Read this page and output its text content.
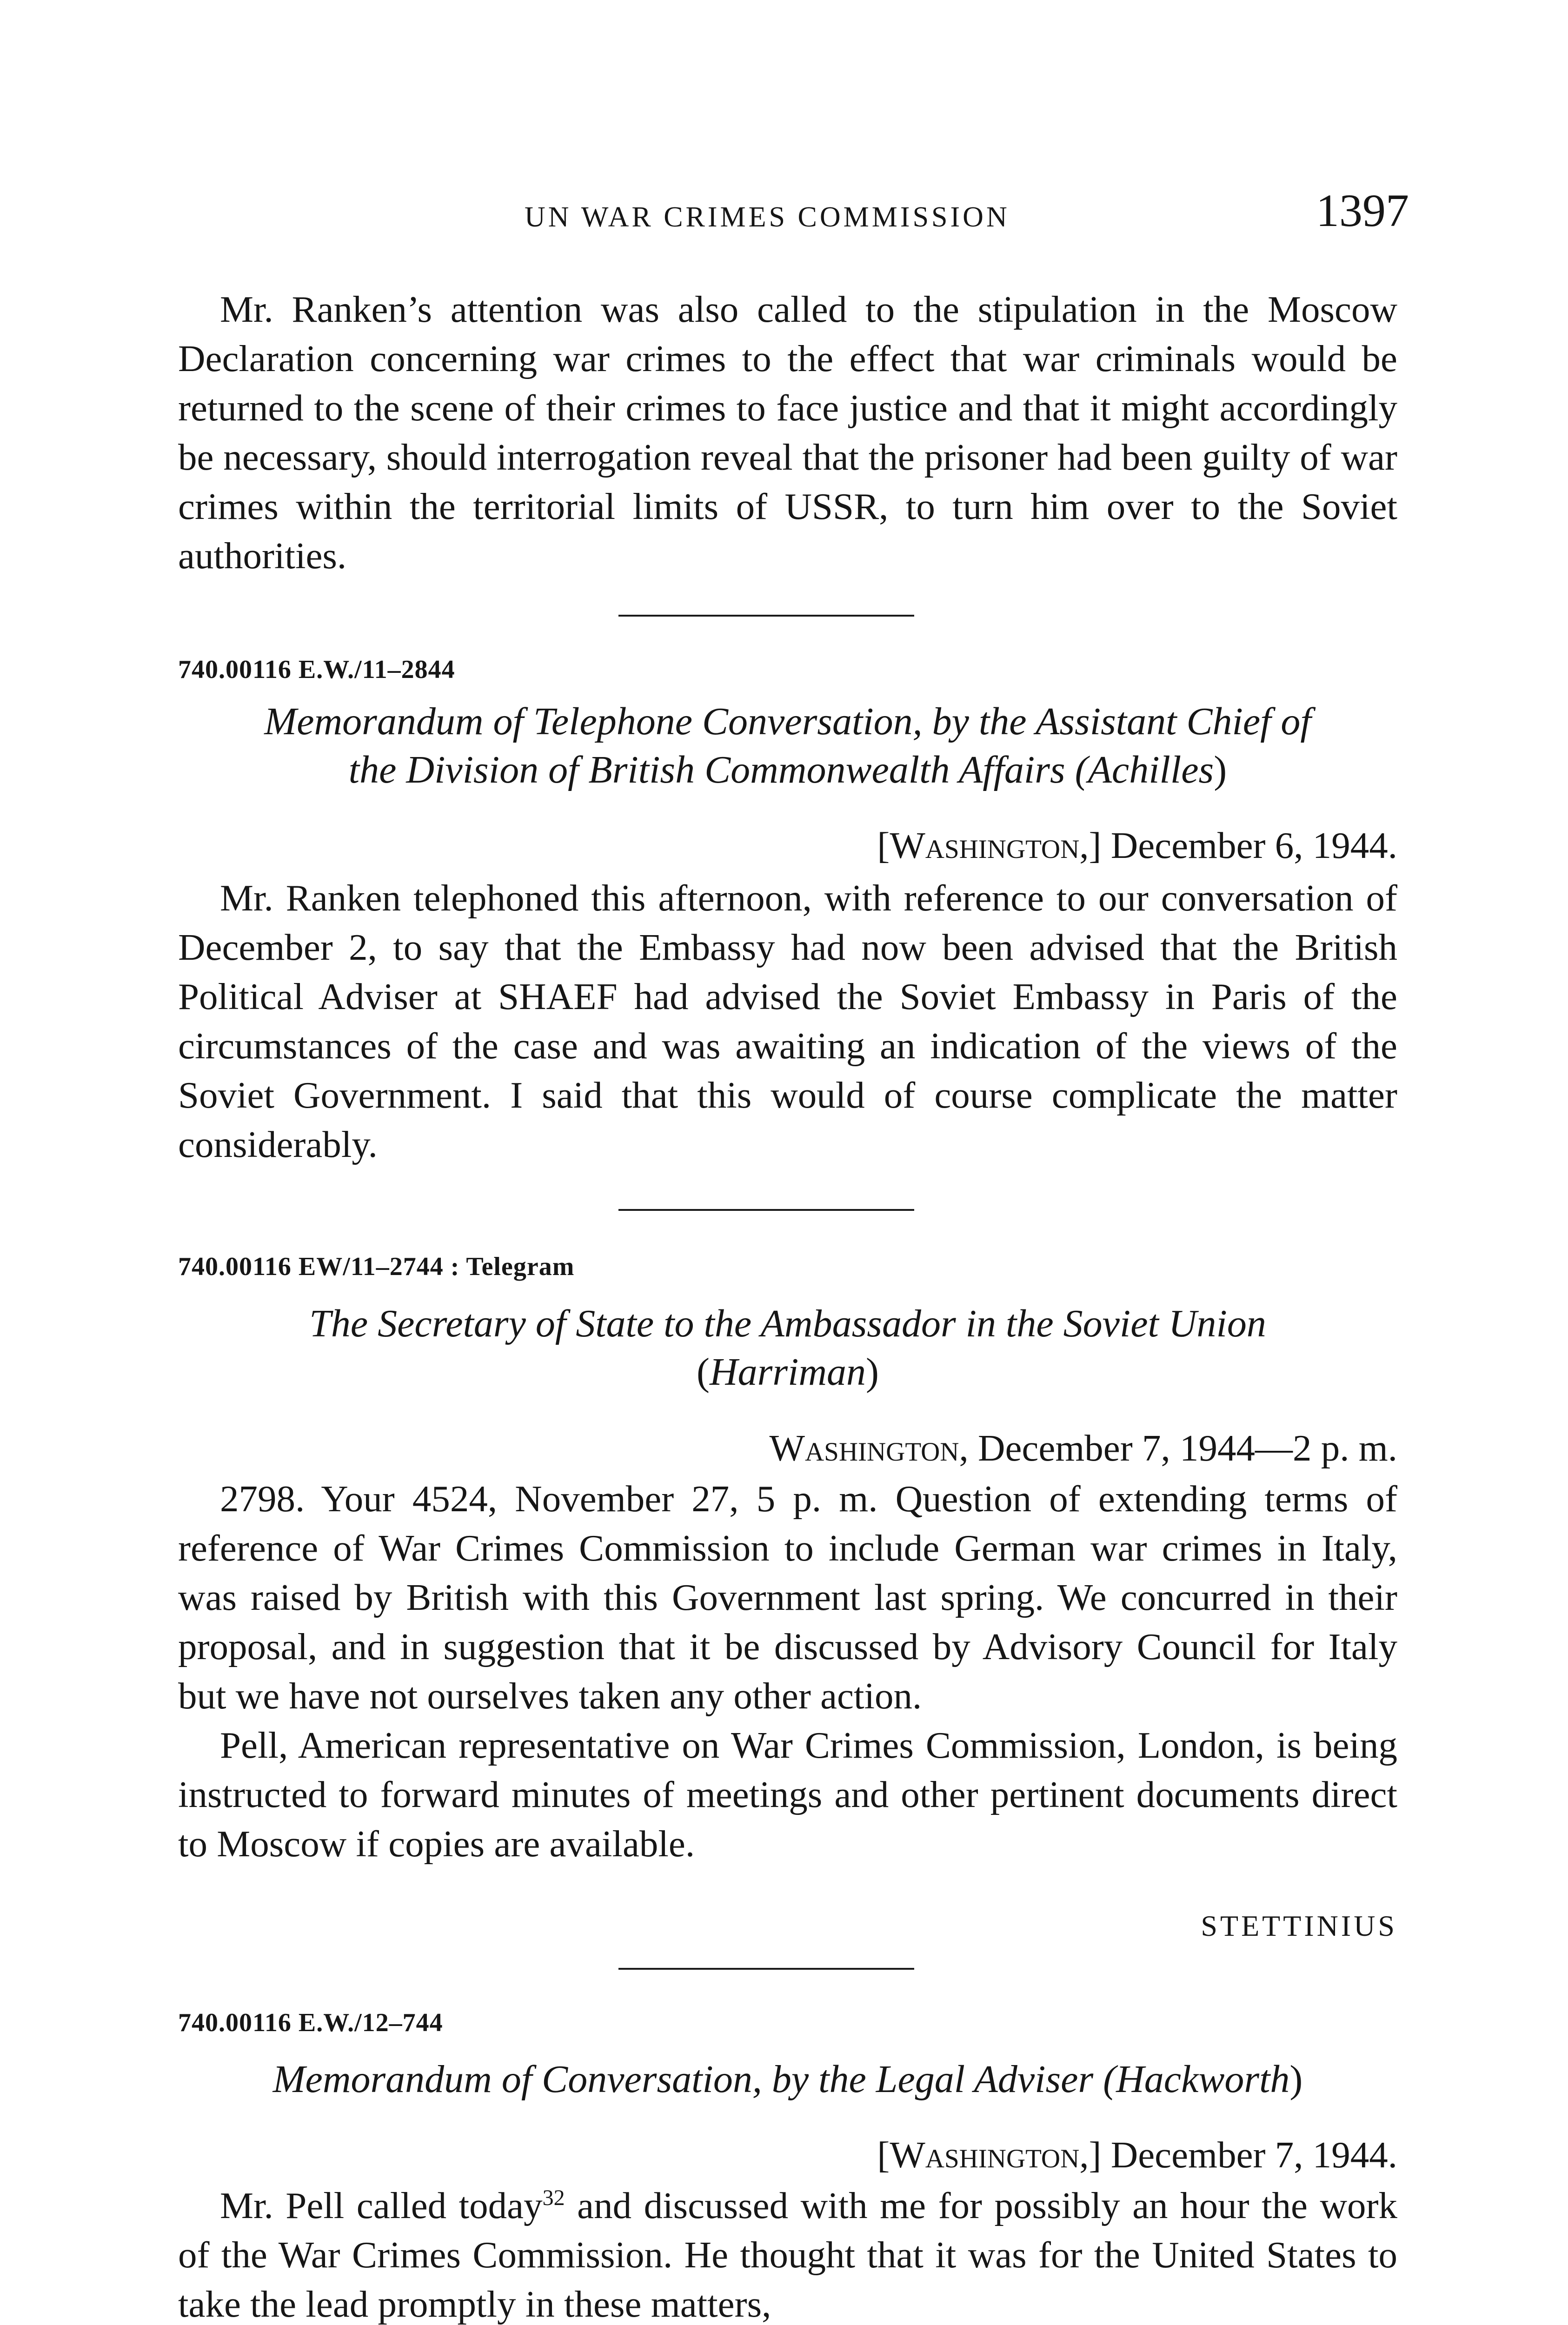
UN WAR CRIMES COMMISSION	1397

Mr. Ranken’s attention was also called to the stipulation in the Moscow Declaration concerning war crimes to the effect that war criminals would be returned to the scene of their crimes to face justice and that it might accordingly be necessary, should interrogation reveal that the prisoner had been guilty of war crimes within the territorial limits of USSR, to turn him over to the Soviet authorities.

740.00116 E.W./11–2844
Memorandum of Telephone Conversation, by the Assistant Chief of
the Division of British Commonwealth Affairs (Achilles)
[Washington,] December 6, 1944.

Mr. Ranken telephoned this afternoon, with reference to our conversation of December 2, to say that the Embassy had now been advised that the British Political Adviser at SHAEF had advised the Soviet Embassy in Paris of the circumstances of the case and was awaiting an indication of the views of the Soviet Government. I said that this would of course complicate the matter considerably.

740.00116 EW/11–2744 : Telegram
The Secretary of State to the Ambassador in the Soviet Union
(Harriman)
Washington, December 7, 1944—2 p. m.

2798. Your 4524, November 27, 5 p. m. Question of extending terms of reference of War Crimes Commission to include German war crimes in Italy, was raised by British with this Government last spring. We concurred in their proposal, and in suggestion that it be discussed by Advisory Council for Italy but we have not ourselves taken any other action.

Pell, American representative on War Crimes Commission, London, is being instructed to forward minutes of meetings and other pertinent documents direct to Moscow if copies are available.

STETTINIUS
740.00116 E.W./12–744
Memorandum of Conversation, by the Legal Adviser (Hackworth)
[Washington,] December 7, 1944.

Mr. Pell called today$^{32}$ and discussed with me for possibly an hour the work of the War Crimes Commission. He thought that it was for the United States to take the lead promptly in these matters,
